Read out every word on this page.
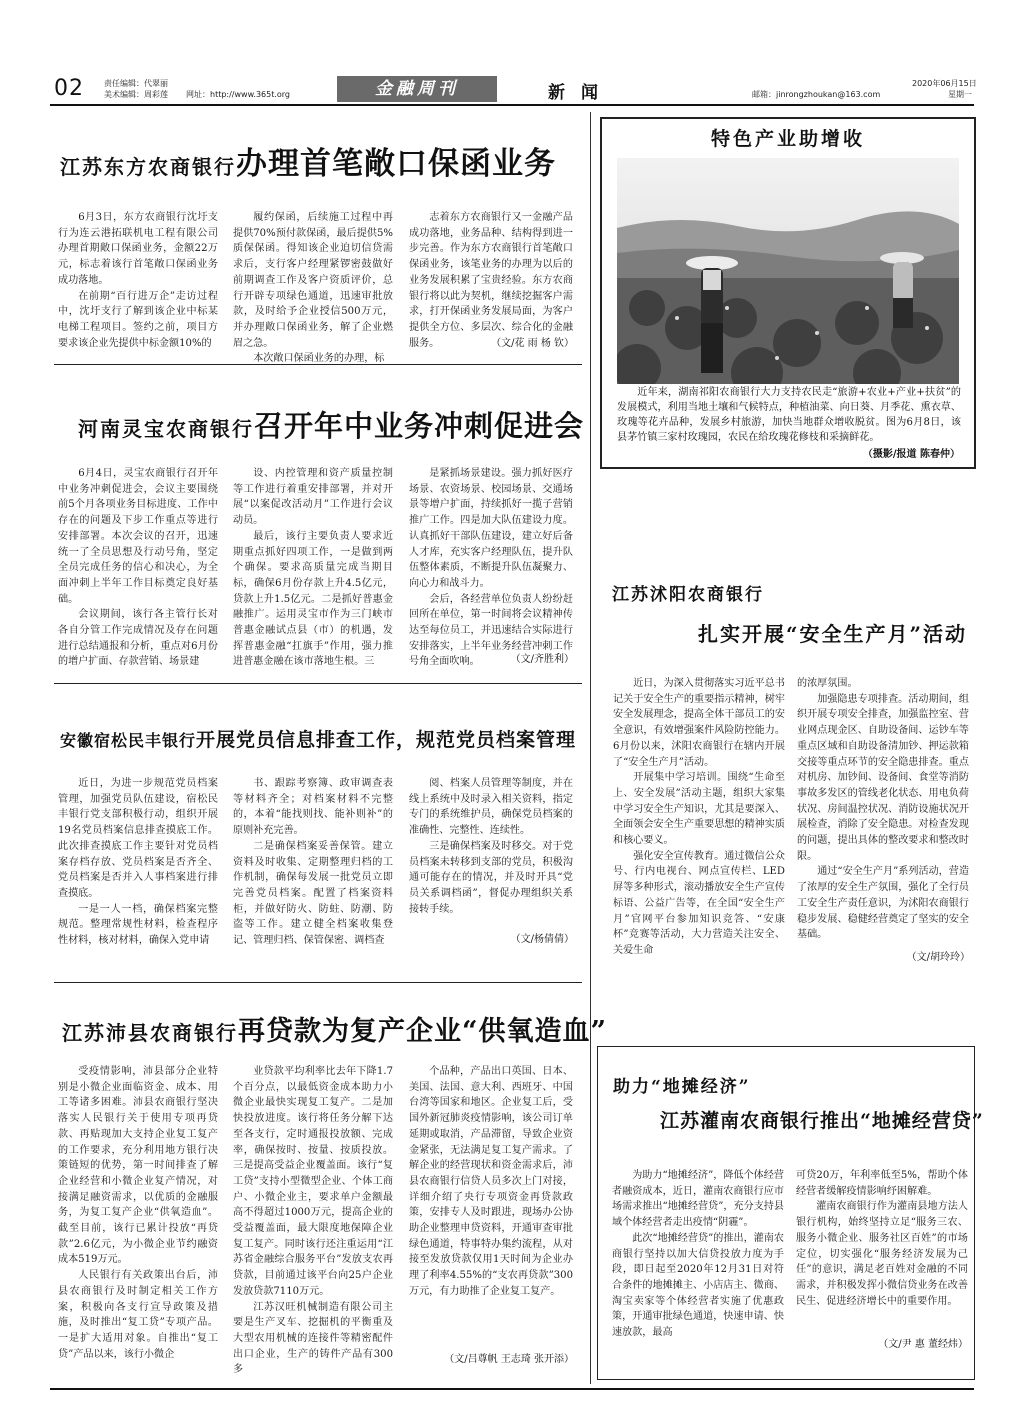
02	责任编辑：代翠丽
美术编辑：周彩莲 网址：http://www.365t.org	金融周刊	新闻	邮箱：jinrongzhoukan@163.com
2020年06月15日
星期一
江苏东方农商银行办理首笔敞口保函业务

6月3日，东方农商银行沈圩支行为连云港拓联机电工程有限公司办理首期敞口保函业务，金额22万元，标志着该行首笔敞口保函业务成功落地。

在前期“百行进万企”走访过程中，沈圩支行了解到该企业中标某电梯工程项目。签约之前，项目方要求该企业先提供中标金额10%的

履约保函，后续施工过程中再提供70%预付款保函，最后提供5%质保保函。得知该企业迫切信贷需求后，支行客户经理紧锣密鼓做好前期调查工作及客户资质评价，总行开辟专项绿色通道，迅速审批放款，及时给予企业授信500万元，并办理敞口保函业务，解了企业燃眉之急。

本次敞口保函业务的办理，标

志着东方农商银行又一金融产品成功落地，业务品种、结构得到进一步完善。作为东方农商银行首笔敞口保函业务，该笔业务的办理为以后的业务发展积累了宝贵经验。东方农商银行将以此为契机，继续挖掘客户需求，打开保函业务发展局面，为客户提供全方位、多层次、综合化的金融服务。	（文/花 雨 杨 钦）
河南灵宝农商银行召开年中业务冲刺促进会

6月4日，灵宝农商银行召开年中业务冲刺促进会，会议主要围绕前5个月各项业务目标进度、工作中存在的问题及下步工作重点等进行安排部署。本次会议的召开，迅速统一了全员思想及行动号角，坚定全员完成任务的信心和决心，为全面冲刺上半年工作目标奠定良好基础。

会议期间，该行各主管行长对各自分管工作完成情况及存在问题进行总结通报和分析，重点对6月份的增户扩面、存款营销、场景建

设、内控管理和资产质量控制等工作进行着重安排部署，并对开展“以案促改活动月”工作进行会议动员。

最后，该行主要负责人要求近期重点抓好四项工作，一是做到两个确保。要求高质量完成当期目标，确保6月份存款上升4.5亿元，贷款上升1.5亿元。二是抓好普惠金融推广。运用灵宝市作为三门峡市普惠金融试点县（市）的机遇，发挥普惠金融“扛旗手”作用，强力推进普惠金融在该市落地生根。三

是紧抓场景建设。强力抓好医疗场景、农资场景、校园场景、交通场景等增户扩面，持续抓好一揽子营销推广工作。四是加大队伍建设力度。认真抓好干部队伍建设，建立好后备人才库，充实客户经理队伍，提升队伍整体素质，不断提升队伍凝聚力、向心力和战斗力。

会后，各经营单位负责人纷纷赶回所在单位，第一时间将会议精神传达至每位员工，并迅速结合实际进行安排落实，上半年业务经营冲刺工作号角全面吹响。	（文/齐胜利）
安徽宿松民丰银行开展党员信息排查工作，规范党员档案管理

近日，为进一步规范党员档案管理，加强党员队伍建设，宿松民丰银行党支部积极行动，组织开展19名党员档案信息排查摸底工作。此次排查摸底工作主要针对党员档案存档存放、党员档案是否齐全、党员档案是否并入人事档案进行排查摸底。

一是一人一档，确保档案完整规范。整理常规性材料，检查程序性材料，核对材料，确保入党申请

书、跟踪考察簿、政审调查表等材料齐全；对档案材料不完整的，本着“能找则找、能补则补”的原则补充完善。

二是确保档案妥善保管。建立资料及时收集、定期整理归档的工作机制，确保每发展一批党员立即完善党员档案。配置了档案资料柜，并做好防火、防蛀、防潮、防盗等工作。建立健全档案收集登记、管理归档、保管保密、调档查

阅、档案人员管理等制度，并在线上系统中及时录入相关资料，指定专门的系统维护员，确保党员档案的准确性、完整性、连续性。

三是确保档案及时移交。对于党员档案未转移到支部的党员，积极沟通可能存在的情况，并及时开具“党员关系调档函”，督促办理组织关系接转手续。

（文/杨倩倩）
江苏沛县农商银行再贷款为复产企业“供氧造血”

受疫情影响，沛县部分企业特别是小微企业面临资金、成本、用工等诸多困难。沛县农商银行坚决落实人民银行关于使用专项再贷款、再贴现加大支持企业复工复产的工作要求，充分利用地方银行决策链短的优势，第一时间排查了解企业经营和小微企业复产情况，对接满足融资需求，以优质的金融服务，为复工复产企业“供氧造血”。截至目前，该行已累计投放“再贷款”2.6亿元，为小微企业节约融资成本519万元。

人民银行有关政策出台后，沛县农商银行及时制定相关工作方案，积极向各支行宣导政策及措施，及时推出“复工贷”专项产品。一是扩大适用对象。自推出“复工贷”产品以来，该行小微企

业贷款平均利率比去年下降1.7个百分点，以最低资金成本助力小微企业最快实现复工复产。二是加快投放进度。该行将任务分解下达至各支行，定时通报投放额、完成率，确保按时、按量、按质投放。三是提高受益企业覆盖面。该行“复工贷”支持小型微型企业、个体工商户、小微企业主，要求单户金额最高不得超过1000万元，提高企业的受益覆盖面，最大限度地保障企业复工复产。同时该行还注重运用“江苏省金融综合服务平台”发放支农再贷款，目前通过该平台向25户企业发放贷款7110万元。

江苏汉旺机械制造有限公司主要是生产叉车、挖掘机的平衡重及大型农用机械的连接件等精密配件出口企业，生产的铸件产品有300多

个品种，产品出口英国、日本、美国、法国、意大利、西班牙、中国台湾等国家和地区。企业复工后，受国外新冠肺炎疫情影响，该公司订单延期或取消，产品滞留，导致企业资金紧张，无法满足复工复产需求。了解企业的经营现状和资金需求后，沛县农商银行信贷人员多次上门对接，详细介绍了央行专项资金再贷款政策，安排专人及时跟进，现场办公协助企业整理申贷资料，开通审查审批绿色通道，特事特办集约流程，从对接至发放贷款仅用1天时间为企业办理了利率4.55%的“支农再贷款”300万元，有力助推了企业复工复产。

（文/吕尊帆 王志琦 张开添）
特色产业助增收
近年来，湖南祁阳农商银行大力支持农民走“旅游+农业+产业+扶贫”的发展模式，利用当地土壤和气候特点，种植油菜、向日葵、月季花、熏衣草、玫瑰等花卉品种，发展乡村旅游，加快当地群众增收脱贫。图为6月8日，该县茅竹镇三家村玫瑰园，农民在给玫瑰花修枝和采摘鲜花。
（摄影/报道 陈春仲）
江苏沭阳农商银行
扎实开展“安全生产月”活动

近日，为深入贯彻落实习近平总书记关于安全生产的重要指示精神，树牢安全发展理念，提高全体干部员工的安全意识，有效增强案件风险防控能力。6月份以来，沭阳农商银行在辖内开展了“安全生产月”活动。

开展集中学习培训。围绕“生命至上、安全发展”活动主题，组织大家集中学习安全生产知识，尤其是要深入、全面领会安全生产重要思想的精神实质和核心要义。

强化安全宣传教育。通过微信公众号、行内电视台、网点宣传栏、LED屏等多种形式，滚动播放安全生产宣传标语、公益广告等，在全国“安全生产月”官网平台参加知识竞答、“安康杯”竞赛等活动，大力营造关注安全、关爱生命

的浓厚氛围。

加强隐患专项排查。活动期间，组织开展专项安全排查，加强监控室、营业网点现金区、自助设备间、运钞车等重点区域和自助设备清加钞、押运款箱交接等重点环节的安全隐患排查。重点对机房、加钞间、设备间、食堂等消防事故多发区的管线老化状态、用电负荷状况、房间温控状况、消防设施状况开展检查，消除了安全隐患。对检查发现的问题，提出具体的整改要求和整改时限。

通过“安全生产月”系列活动，营造了浓厚的安全生产氛围，强化了全行员工安全生产责任意识，为沭阳农商银行稳步发展、稳健经营奠定了坚实的安全基础。

（文/胡玲玲）
助力“地摊经济”
江苏灌南农商银行推出“地摊经营贷”

为助力“地摊经济”，降低个体经营者融资成本，近日，灌南农商银行应市场需求推出“地摊经营贷”，充分支持县域个体经营者走出疫情“阴霾”。

此次“地摊经营贷”的推出，灌南农商银行坚持以加大信贷投放力度为手段，即日起至2020年12月31日对符合条件的地摊摊主、小店店主、微商、淘宝卖家等个体经营者实施了优惠政策，开通审批绿色通道，快速申请、快速放款，最高

可贷20万，年利率低至5%，帮助个体经营者缓解疫情影响纾困解难。

灌南农商银行作为灌南县地方法人银行机构，始终坚持立足“服务三农、服务小微企业、服务社区百姓”的市场定位，切实强化“服务经济发展为己任”的意识，满足老百姓对金融的不同需求，并积极发挥小微信贷业务在改善民生、促进经济增长中的重要作用。

（文/尹 惠 董经炜）
